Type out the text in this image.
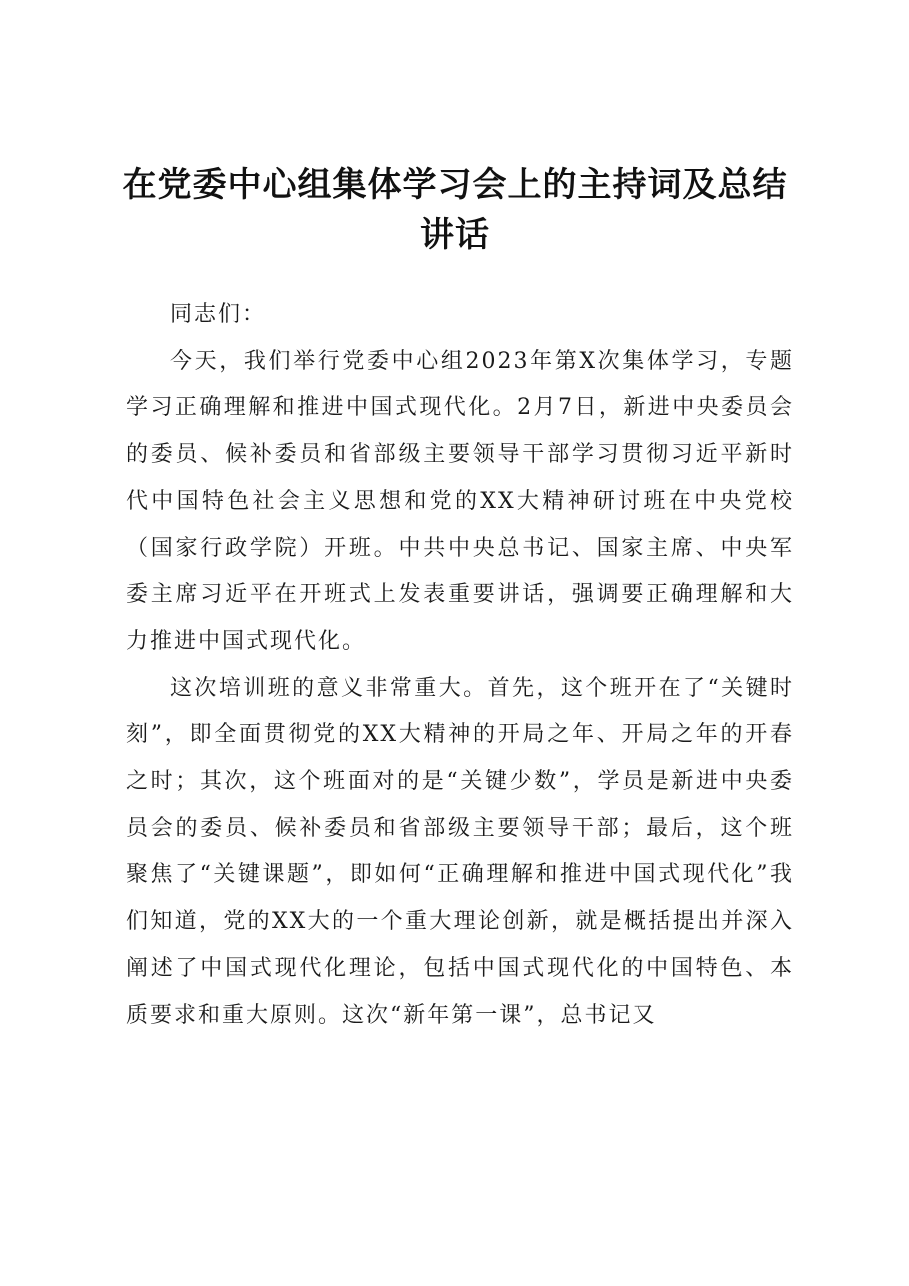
在党委中心组集体学习会上的主持词及总结讲话

同志们：

今天，我们举行党委中心组2023年第X次集体学习，专题学习正确理解和推进中国式现代化。2月7日，新进中央委员会的委员、候补委员和省部级主要领导干部学习贯彻习近平新时代中国特色社会主义思想和党的XX大精神研讨班在中央党校（国家行政学院）开班。中共中央总书记、国家主席、中央军委主席习近平在开班式上发表重要讲话，强调要正确理解和大力推进中国式现代化。

这次培训班的意义非常重大。首先，这个班开在了“关键时刻”，即全面贯彻党的XX大精神的开局之年、开局之年的开春之时；其次，这个班面对的是“关键少数”，学员是新进中央委员会的委员、候补委员和省部级主要领导干部；最后，这个班聚焦了“关键课题”，即如何“正确理解和推进中国式现代化”我们知道，党的XX大的一个重大理论创新，就是概括提出并深入阐述了中国式现代化理论，包括中国式现代化的中国特色、本质要求和重大原则。这次“新年第一课”，总书记又
